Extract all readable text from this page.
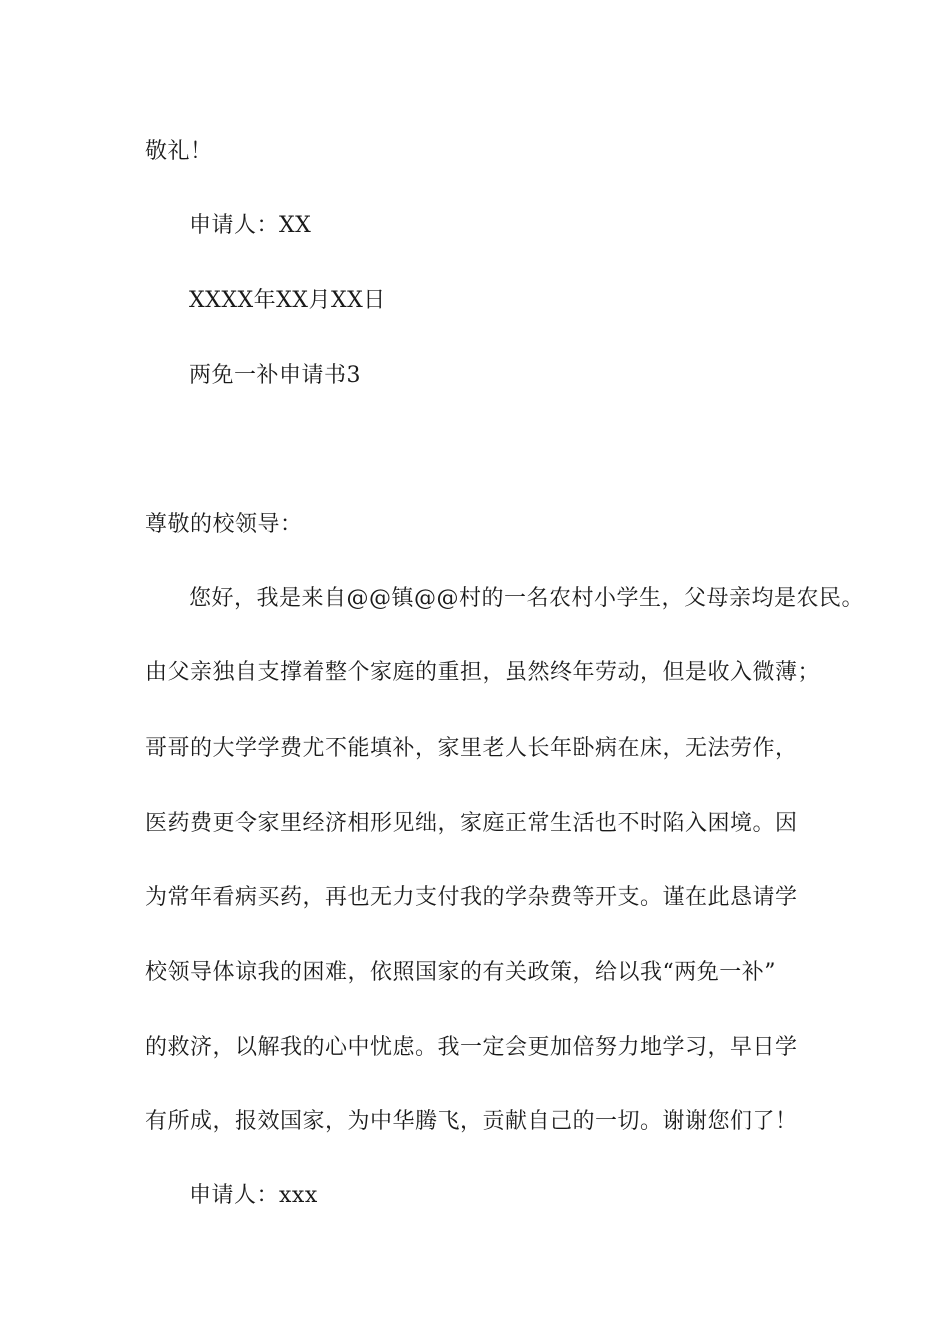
敬礼！
申请人：XX
XXXX年XX月XX日
两免一补申请书3
尊敬的校领导：
您好，我是来自@@镇@@村的一名农村小学生，父母亲均是农民。
由父亲独自支撑着整个家庭的重担，虽然终年劳动，但是收入微薄；
哥哥的大学学费尤不能填补，家里老人长年卧病在床，无法劳作，
医药费更令家里经济相形见绌，家庭正常生活也不时陷入困境。因
为常年看病买药，再也无力支付我的学杂费等开支。谨在此恳请学
校领导体谅我的困难，依照国家的有关政策，给以我“两免一补”
的救济，以解我的心中忧虑。我一定会更加倍努力地学习，早日学
有所成，报效国家，为中华腾飞，贡献自己的一切。谢谢您们了！
申请人：xxx
